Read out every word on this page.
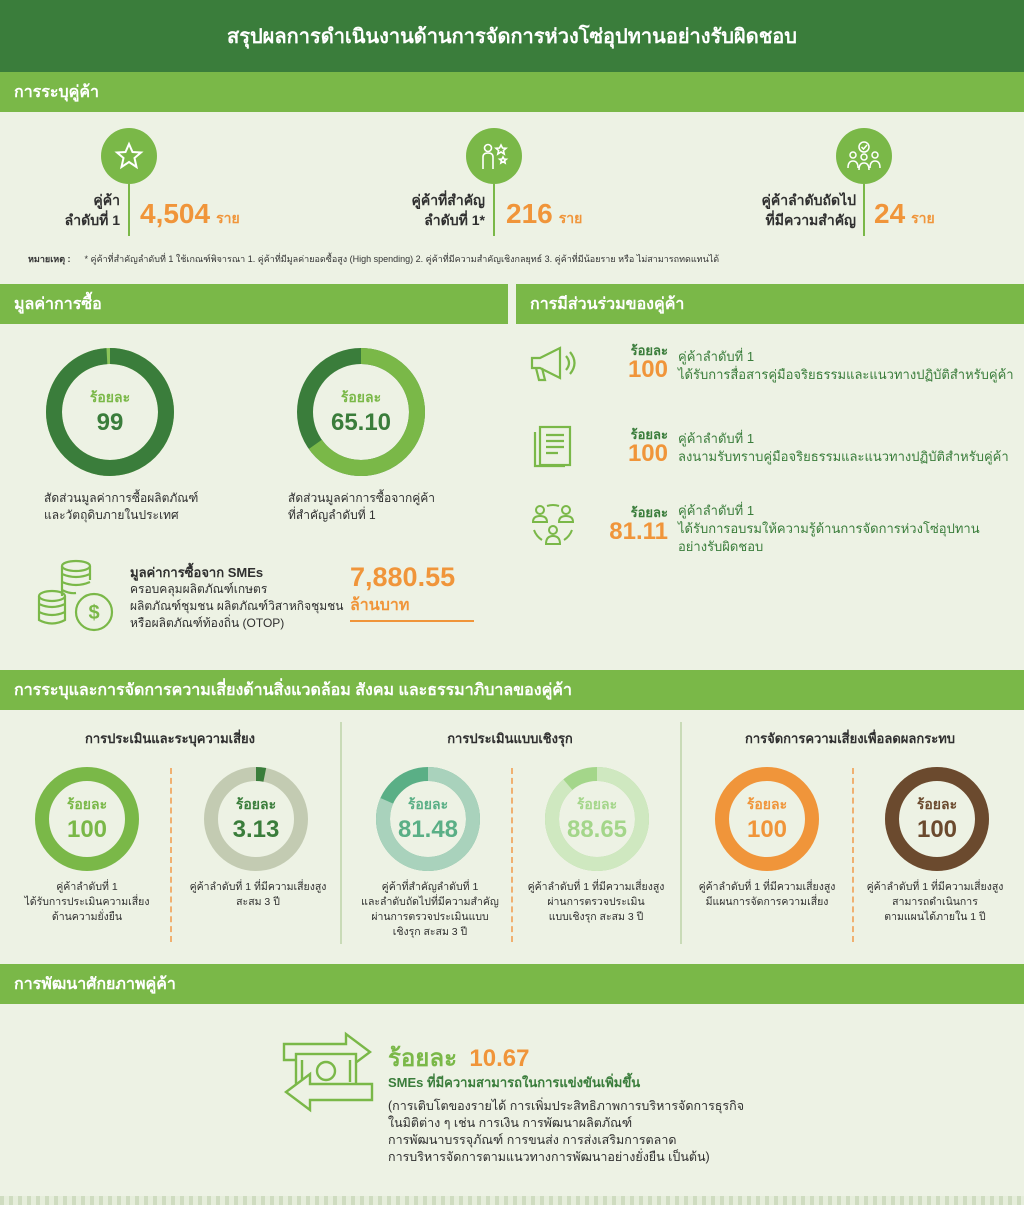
สรุปผลการดำเนินงานด้านการจัดการห่วงโซ่อุปทานอย่างรับผิดชอบ
การระบุคู่ค้า
คู่ค้า
ลำดับที่ 1 4,504 ราย
คู่ค้าที่สำคัญ
ลำดับที่ 1* 216 ราย
คู่ค้าลำดับถัดไป
ที่มีความสำคัญ 24 ราย
หมายเหตุ : * คู่ค้าที่สำคัญลำดับที่ 1 ใช้เกณฑ์พิจารณา 1. คู่ค้าที่มีมูลค่ายอดซื้อสูง (High spending) 2. คู่ค้าที่มีความสำคัญเชิงกลยุทธ์ 3. คู่ค้าที่มีน้อยราย หรือ ไม่สามารถทดแทนได้
มูลค่าการซื้อ	การมีส่วนร่วมของคู่ค้า
ร้อยละ
99
สัดส่วนมูลค่าการซื้อผลิตภัณฑ์
และวัตถุดิบภายในประเทศ
ร้อยละ
65.10
สัดส่วนมูลค่าการซื้อจากคู่ค้า
ที่สำคัญลำดับที่ 1
$
มูลค่าการซื้อจาก SMEs
ครอบคลุมผลิตภัณฑ์เกษตร
ผลิตภัณฑ์ชุมชน ผลิตภัณฑ์วิสาหกิจชุมชน
หรือผลิตภัณฑ์ท้องถิ่น (OTOP)
7,880.55
ล้านบาท
ร้อยละ
100 คู่ค้าลำดับที่ 1
ได้รับการสื่อสารคู่มือจริยธรรมและแนวทางปฏิบัติสำหรับคู่ค้า
ร้อยละ
100
คู่ค้าลำดับที่ 1
ลงนามรับทราบคู่มือจริยธรรมและแนวทางปฏิบัติสำหรับคู่ค้า
ร้อยละ
81.11
คู่ค้าลำดับที่ 1
ได้รับการอบรมให้ความรู้ด้านการจัดการห่วงโซ่อุปทาน
อย่างรับผิดชอบ
การระบุและการจัดการความเสี่ยงด้านสิ่งแวดล้อม สังคม และธรรมาภิบาลของคู่ค้า
การประเมินและระบุความเสี่ยง	การประเมินแบบเชิงรุก	การจัดการความเสี่ยงเพื่อลดผลกระทบ
ร้อยละ
100
คู่ค้าลำดับที่ 1
ได้รับการประเมินความเสี่ยง
ด้านความยั่งยืน
ร้อยละ
3.13
คู่ค้าลำดับที่ 1 ที่มีความเสี่ยงสูง
สะสม 3 ปี
ร้อยละ
81.48
คู่ค้าที่สำคัญลำดับที่ 1
และลำดับถัดไปที่มีความสำคัญ
ผ่านการตรวจประเมินแบบ
เชิงรุก สะสม 3 ปี
ร้อยละ
88.65
คู่ค้าลำดับที่ 1 ที่มีความเสี่ยงสูง
ผ่านการตรวจประเมิน
แบบเชิงรุก สะสม 3 ปี
ร้อยละ
100
คู่ค้าลำดับที่ 1 ที่มีความเสี่ยงสูง
มีแผนการจัดการความเสี่ยง
ร้อยละ
100
คู่ค้าลำดับที่ 1 ที่มีความเสี่ยงสูง
สามารถดำเนินการ
ตามแผนได้ภายใน 1 ปี
การพัฒนาศักยภาพคู่ค้า
ร้อยละ 10.67
SMEs ที่มีความสามารถในการแข่งขันเพิ่มขึ้น
(การเติบโตของรายได้ การเพิ่มประสิทธิภาพการบริหารจัดการธุรกิจ
ในมิติต่าง ๆ เช่น การเงิน การพัฒนาผลิตภัณฑ์
การพัฒนาบรรจุภัณฑ์ การขนส่ง การส่งเสริมการตลาด
การบริหารจัดการตามแนวทางการพัฒนาอย่างยั่งยืน เป็นต้น)
